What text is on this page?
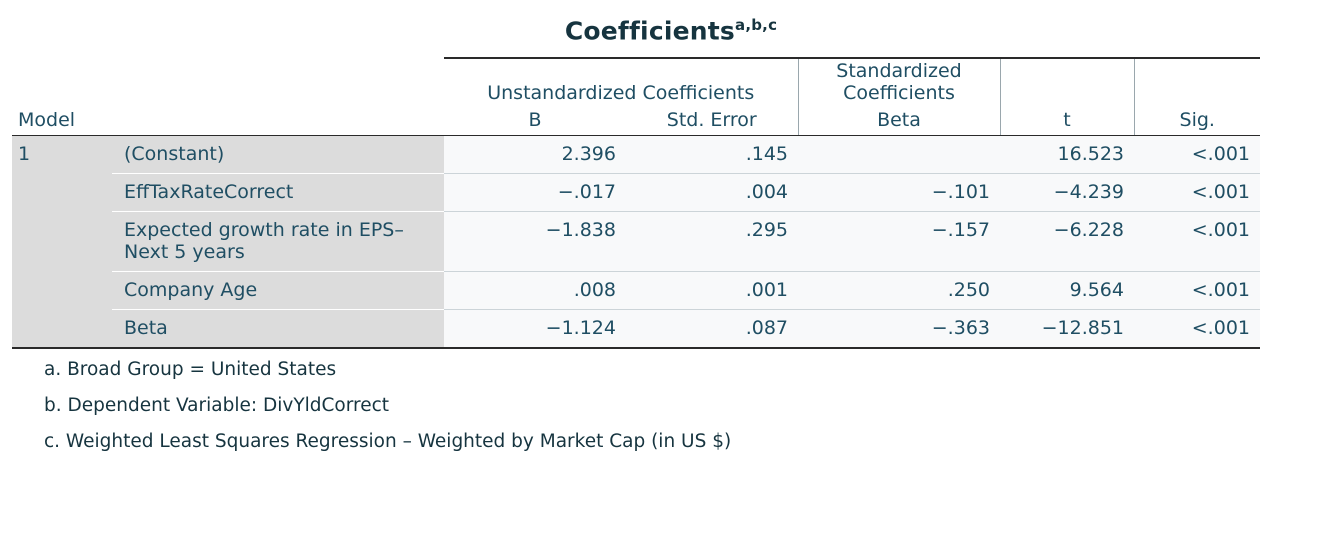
Coefficients$^{a,b,c}$
		Unstandardized Coefficients		Standardized
Coefficients		
Model		B	Std. Error	Beta	t	Sig.

1	(Constant)	2.396	.145		16.523	<.001
	EffTaxRateCorrect	−.017	.004	−.101	−4.239	<.001
	Expected growth rate in EPS– Next 5 years	−1.838	.295	−.157	−6.228	<.001
	Company Age	.008	.001	.250	9.564	<.001
	Beta	−1.124	.087	−.363	−12.851	<.001

a. Broad Group = United States
b. Dependent Variable: DivYldCorrect
c. Weighted Least Squares Regression – Weighted by Market Cap (in US $)
